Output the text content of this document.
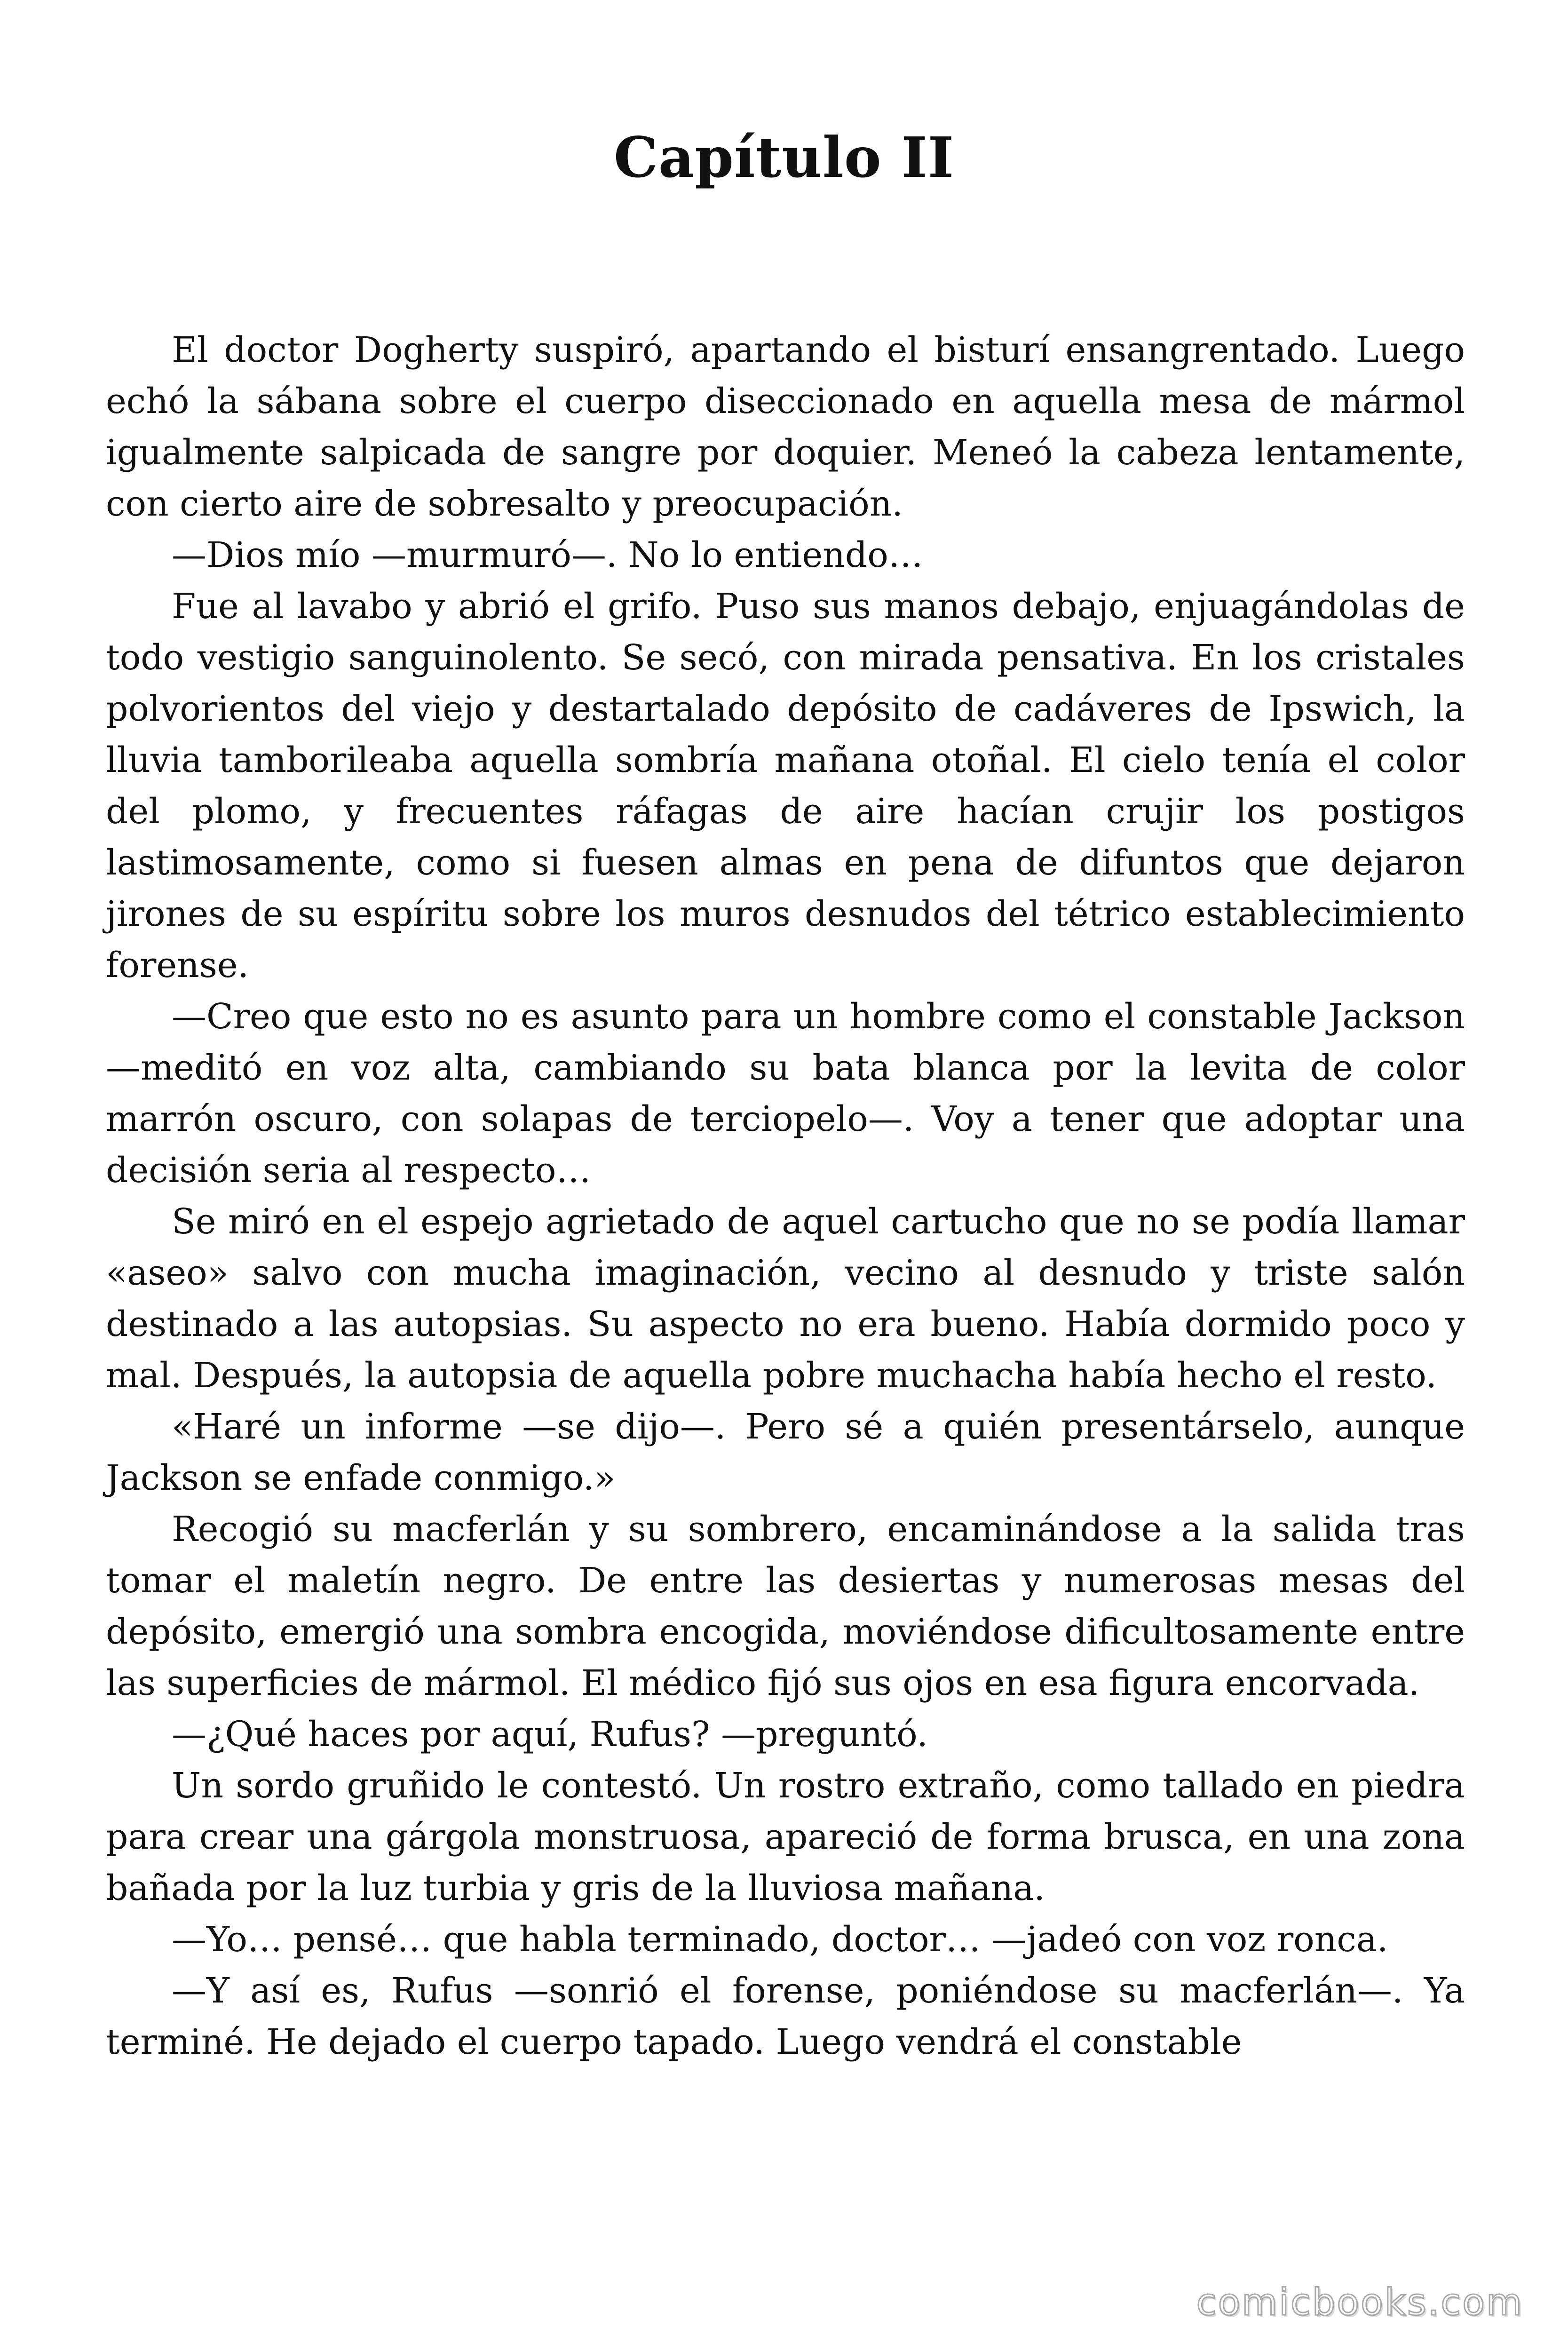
Capítulo II

El doctor Dogherty suspiró, apartando el bisturí ensangrentado. Luego echó la sábana sobre el cuerpo diseccionado en aquella mesa de mármol igualmente salpicada de sangre por doquier. Meneó la cabeza lentamente, con cierto aire de sobresalto y preocupación.

—Dios mío —murmuró—. No lo entiendo…

Fue al lavabo y abrió el grifo. Puso sus manos debajo, enjuagándolas de todo vestigio sanguinolento. Se secó, con mirada pensativa. En los cristales polvorientos del viejo y destartalado depósito de cadáveres de Ipswich, la lluvia tamborileaba aquella sombría mañana otoñal. El cielo tenía el color del plomo, y frecuentes ráfagas de aire hacían crujir los postigos lastimosamente, como si fuesen almas en pena de difuntos que dejaron jirones de su espíritu sobre los muros desnudos del tétrico establecimiento forense.

—Creo que esto no es asunto para un hombre como el constable Jackson —meditó en voz alta, cambiando su bata blanca por la levita de color marrón oscuro, con solapas de terciopelo—. Voy a tener que adoptar una decisión seria al respecto…

Se miró en el espejo agrietado de aquel cartucho que no se podía llamar «aseo» salvo con mucha imaginación, vecino al desnudo y triste salón destinado a las autopsias. Su aspecto no era bueno. Había dormido poco y mal. Después, la autopsia de aquella pobre muchacha había hecho el resto.

«Haré un informe —se dijo—. Pero sé a quién presentárselo, aunque Jackson se enfade conmigo.»

Recogió su macferlán y su sombrero, encaminándose a la salida tras tomar el maletín negro. De entre las desiertas y numerosas mesas del depósito, emergió una sombra encogida, moviéndose dificultosamente entre las superficies de mármol. El médico fijó sus ojos en esa figura encorvada.

—¿Qué haces por aquí, Rufus? —preguntó.

Un sordo gruñido le contestó. Un rostro extraño, como tallado en piedra para crear una gárgola monstruosa, apareció de forma brusca, en una zona bañada por la luz turbia y gris de la lluviosa mañana.

—Yo… pensé… que habla terminado, doctor… —jadeó con voz ronca.

—Y así es, Rufus —sonrió el forense, poniéndose su macferlán—. Ya terminé. He dejado el cuerpo tapado. Luego vendrá el constable

comicbooks.com
